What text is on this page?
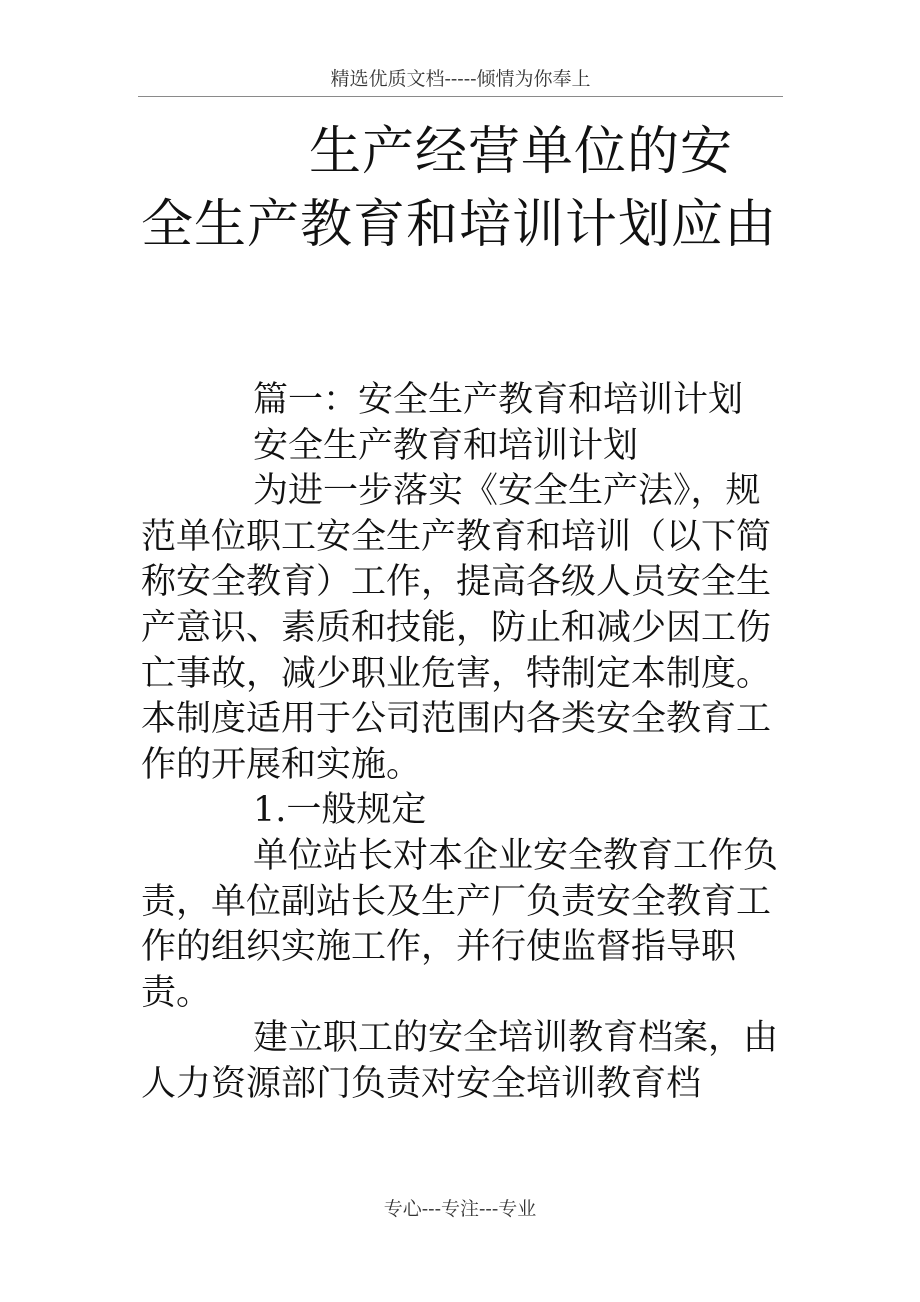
精选优质文档-----倾情为你奉上
生产经营单位的安全生产教育和培训计划应由

篇一：安全生产教育和培训计划

安全生产教育和培训计划

为进一步落实《安全生产法》，规范单位职工安全生产教育和培训（以下简称安全教育）工作，提高各级人员安全生产意识、素质和技能，防止和减少因工伤亡事故，减少职业危害，特制定本制度。 本制度适用于公司范围内各类安全教育工作的开展和实施。

1.一般规定

单位站长对本企业安全教育工作负责，单位副站长及生产厂负责安全教育工作的组织实施工作，并行使监督指导职责。

建立职工的安全培训教育档案，由人力资源部门负责对安全培训教育档

专心---专注---专业
